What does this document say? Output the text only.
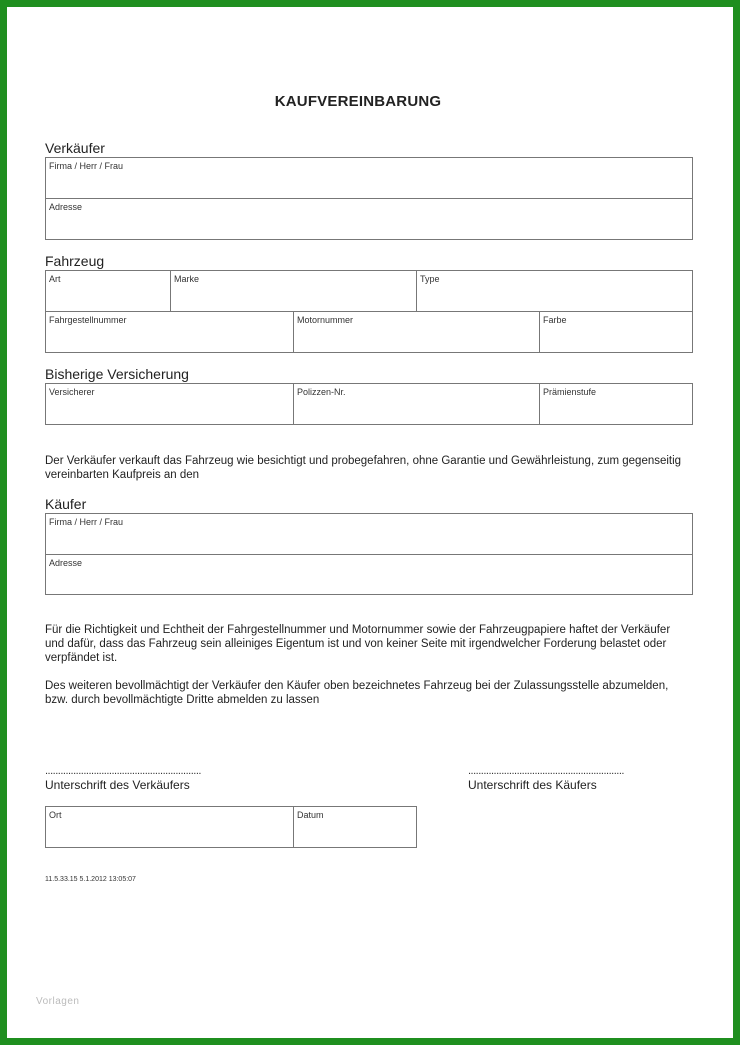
KAUFVEREINBARUNG
Verkäufer
Firma / Herr / Frau
Adresse
Fahrzeug
Art	Marke	Type
Fahrgestellnummer	Motornummer	Farbe
Bisherige Versicherung
Versicherer	Polizzen-Nr.	Prämienstufe
Der Verkäufer verkauft das Fahrzeug wie besichtigt und probegefahren, ohne Garantie und Gewährleistung, zum gegenseitig vereinbarten Kaufpreis an den
Käufer
Firma / Herr / Frau
Adresse
Für die Richtigkeit und Echtheit der Fahrgestellnummer und Motornummer sowie der Fahrzeugpapiere haftet der Verkäufer und dafür, dass das Fahrzeug sein alleiniges Eigentum ist und von keiner Seite mit irgendwelcher Forderung belastet oder verpfändet ist.
Des weiteren bevollmächtigt der Verkäufer den Käufer oben bezeichnetes Fahrzeug bei der Zulassungsstelle abzumelden, bzw. durch bevollmächtigte Dritte abmelden zu lassen
.............................................................
Unterschrift des Verkäufers
.............................................................
Unterschrift des Käufers
Ort	Datum
11.5.33.15 5.1.2012 13:05:07
Vorlagen
